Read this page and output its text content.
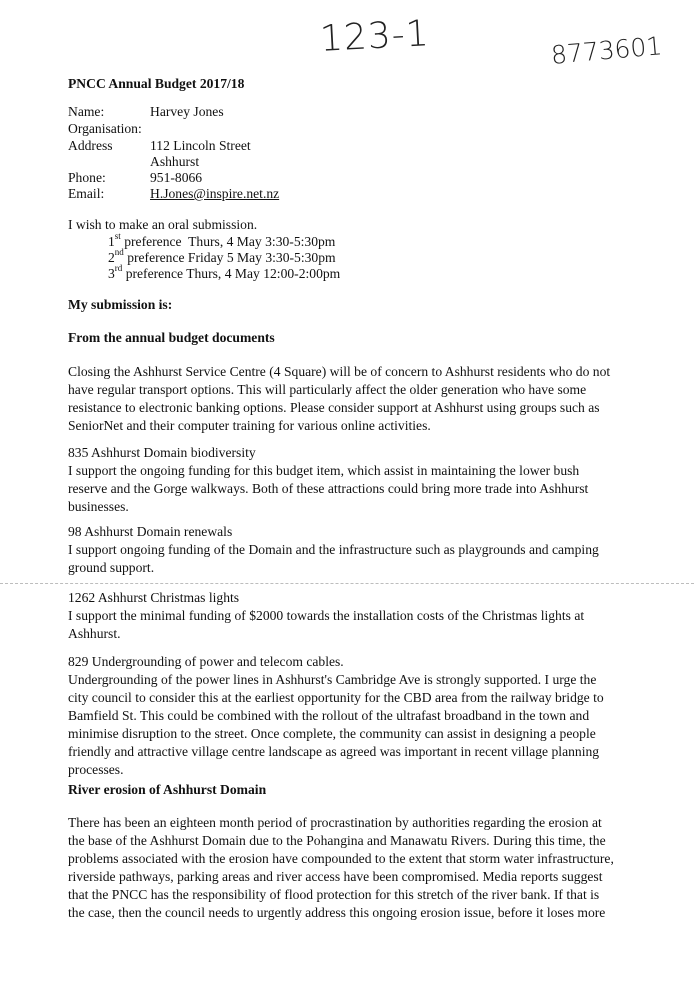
123-1	8773601
PNCC Annual Budget 2017/18
Name:	Harvey Jones
Organisation:
Address	112 Lincoln Street
Ashhurst
Phone:	951-8066
Email:	H.Jones@inspire.net.nz
I wish to make an oral submission.
1st preference  Thurs, 4 May 3:30-5:30pm
2nd preference Friday 5 May 3:30-5:30pm
3rd preference Thurs, 4 May 12:00-2:00pm
My submission is:
From the annual budget documents

Closing the Ashhurst Service Centre (4 Square) will be of concern to Ashhurst residents who do not

have regular transport options. This will particularly affect the older generation who have some

resistance to electronic banking options. Please consider support at Ashhurst using groups such as

SeniorNet and their computer training for various online activities.

835 Ashhurst Domain biodiversity

I support the ongoing funding for this budget item, which assist in maintaining the lower bush

reserve and the Gorge walkways. Both of these attractions could bring more trade into Ashhurst

businesses.

98 Ashhurst Domain renewals

I support ongoing funding of the Domain and the infrastructure such as playgrounds and camping

ground support.

1262 Ashhurst Christmas lights

I support the minimal funding of $2000 towards the installation costs of the Christmas lights at

Ashhurst.

829 Undergrounding of power and telecom cables.

Undergrounding of the power lines in Ashhurst's Cambridge Ave is strongly supported. I urge the

city council to consider this at the earliest opportunity for the CBD area from the railway bridge to

Bamfield St. This could be combined with the rollout of the ultrafast broadband in the town and

minimise disruption to the street. Once complete, the community can assist in designing a people

friendly and attractive village centre landscape as agreed was important in recent village planning

processes.

River erosion of Ashhurst Domain

There has been an eighteen month period of procrastination by authorities regarding the erosion at

the base of the Ashhurst Domain due to the Pohangina and Manawatu Rivers. During this time, the

problems associated with the erosion have compounded to the extent that storm water infrastructure,

riverside pathways, parking areas and river access have been compromised. Media reports suggest

that the PNCC has the responsibility of flood protection for this stretch of the river bank. If that is

the case, then the council needs to urgently address this ongoing erosion issue, before it loses more
